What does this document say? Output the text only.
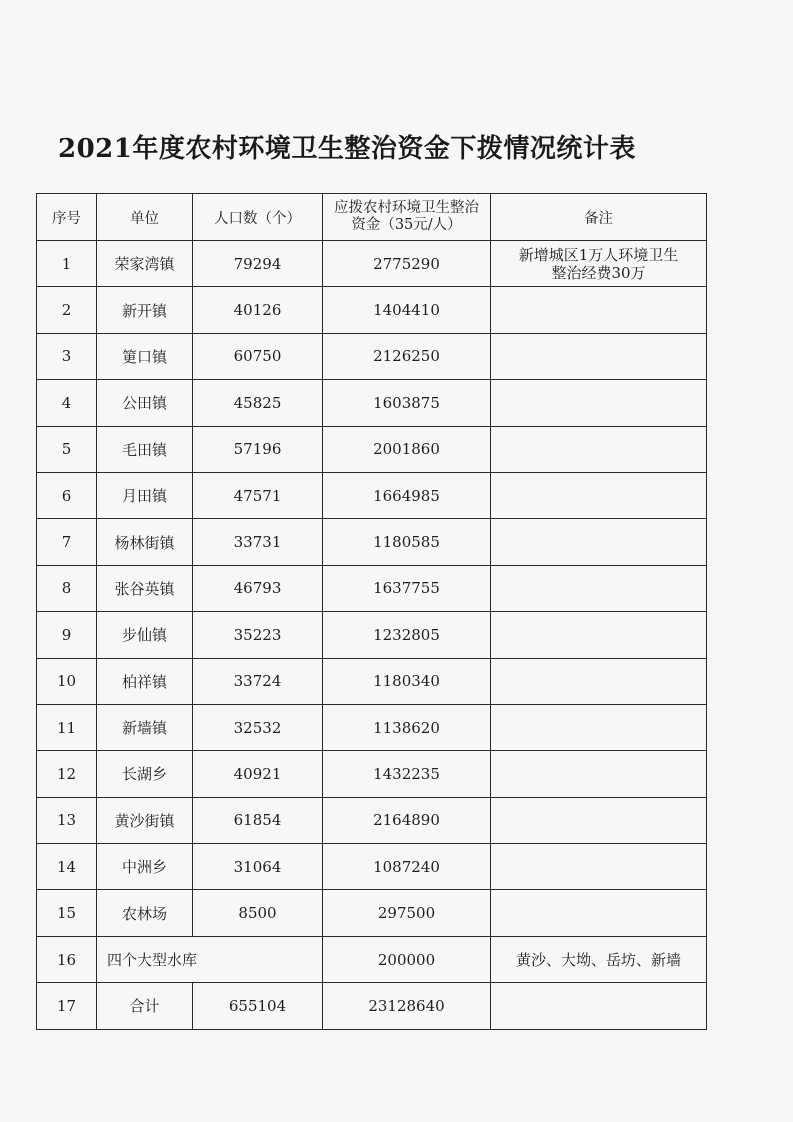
2021年度农村环境卫生整治资金下拨情况统计表
序号	单位	人口数（个）	应拨农村环境卫生整治
资金（35元/人）	备注
1	荣家湾镇	79294	2775290	新增城区1万人环境卫生
整治经费30万

2	新开镇	40126	1404410	
3	筻口镇	60750	2126250	
4	公田镇	45825	1603875	
5	毛田镇	57196	2001860	
6	月田镇	47571	1664985	
7	杨林街镇	33731	1180585	
8	张谷英镇	46793	1637755	
9	步仙镇	35223	1232805	
10	柏祥镇	33724	1180340	
11	新墙镇	32532	1138620	
12	长湖乡	40921	1432235	
13	黄沙街镇	61854	2164890	
14	中洲乡	31064	1087240	
15	农林场	8500	297500	
16	四个大型水库		200000	黄沙、大坳、岳坊、新墙
17	合计	655104	23128640	
